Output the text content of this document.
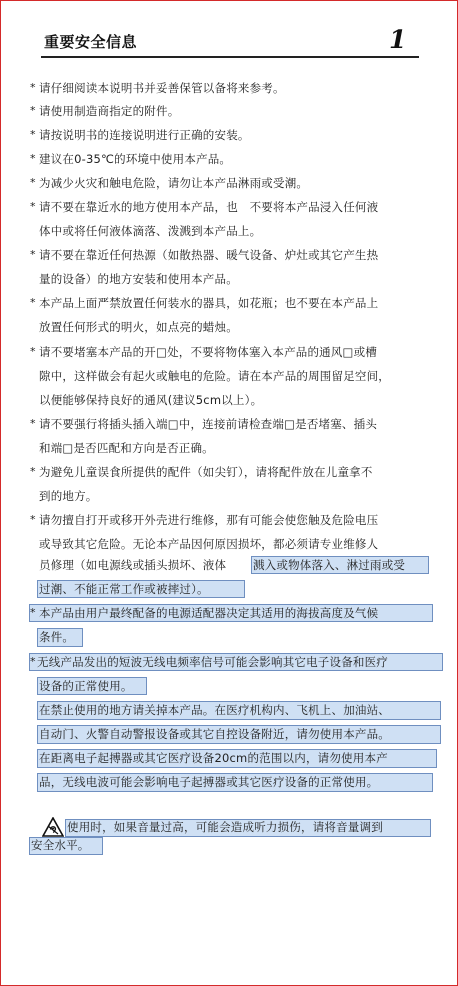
重要安全信息	1
*
*
*
*
*
*
*
*
*
*
*
*
*
*
请仔细阅读本说明书并妥善保管以备将来参考。
请使用制造商指定的附件。
请按说明书的连接说明进行正确的安装。
建议在0-35℃的环境中使用本产品。
为减少火灾和触电危险，请勿让本产品淋雨或受潮。
请不要在靠近水的地方使用本产品，也　不要将本产品浸入任何液
体中或将任何液体滴落、泼溅到本产品上。
请不要在靠近任何热源（如散热器、暖气设备、炉灶或其它产生热
量的设备）的地方安装和使用本产品。
本产品上面严禁放置任何装水的器具，如花瓶；也不要在本产品上
放置任何形式的明火，如点亮的蜡烛。
请不要堵塞本产品的开□处，不要将物体塞入本产品的通风□或槽
隙中，这样做会有起火或触电的危险。请在本产品的周围留足空间，
以便能够保持良好的通风(建议5cm以上）。
请不要强行将插头插入端□中，连接前请检查端□是否堵塞、插头
和端□是否匹配和方向是否正确。
为避免儿童误食所提供的配件（如尖钉），请将配件放在儿童拿不
到的地方。
请勿擅自打开或移开外壳进行维修，那有可能会使您触及危险电压
或导致其它危险。无论本产品因何原因损坏，都必须请专业维修人
员修理（如电源线或插头损坏、液体 溅入或物体落入、淋过雨或受
过潮、不能正常工作或被摔过）。
本产品由用户最终配备的电源适配器决定其适用的海拔高度及气候
条件。
无线产品发出的短波无线电频率信号可能会影响其它电子设备和医疗
设备的正常使用。
在禁止使用的地方请关掉本产品。在医疗机构内、飞机上、加油站、
自动门、火警自动警报设备或其它自控设备附近，请勿使用本产品。
在距离电子起搏器或其它医疗设备20cm的范围以内，请勿使用本产
品，无线电波可能会影响电子起搏器或其它医疗设备的正常使用。
使用时，如果音量过高，可能会造成听力损伤，请将音量调到
安全水平。
